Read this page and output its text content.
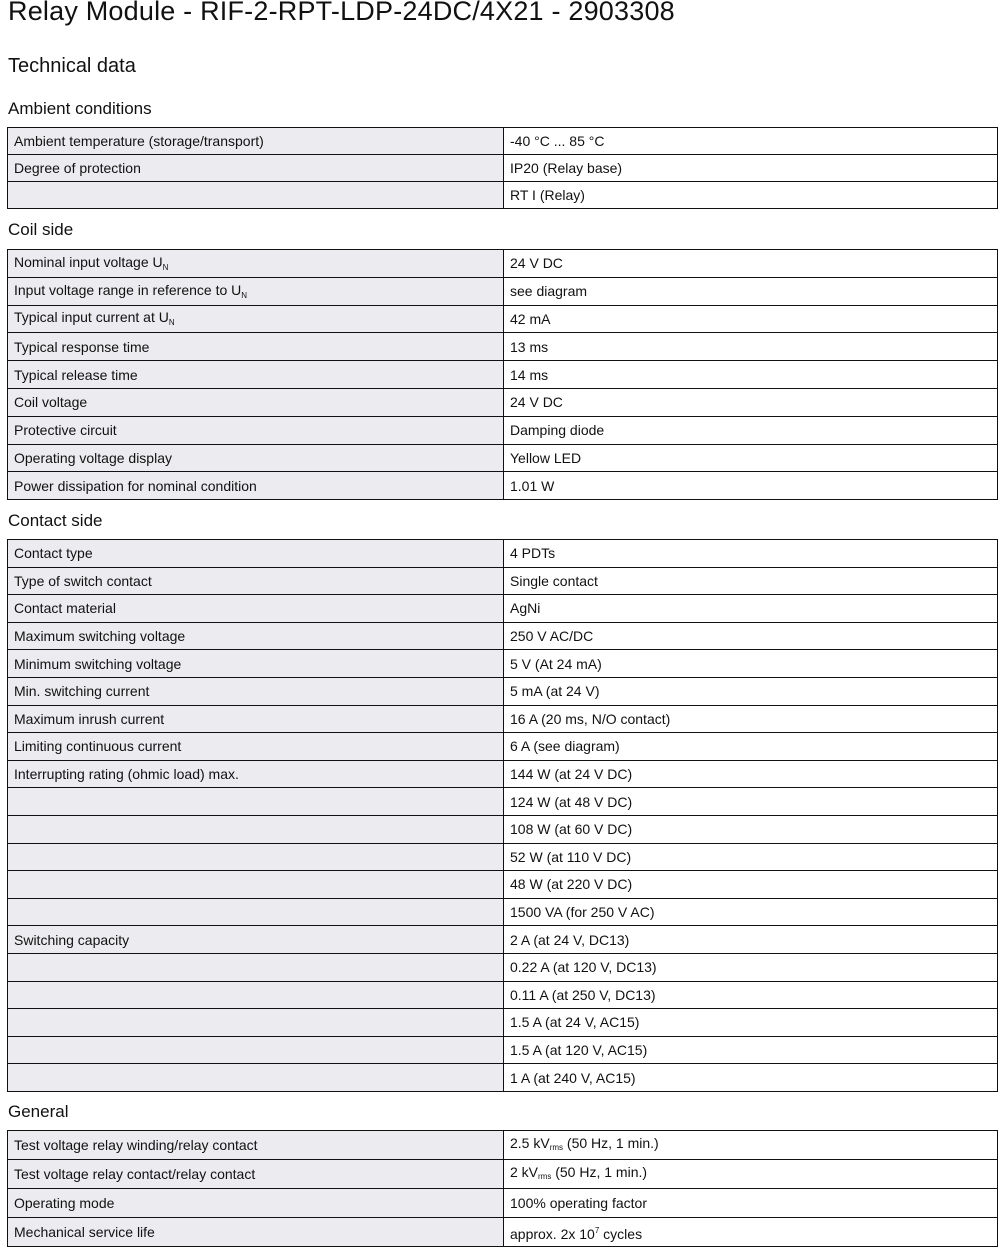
Relay Module - RIF-2-RPT-LDP-24DC/4X21 - 2903308
Technical data
Ambient conditions
Ambient temperature (storage/transport)	-40 °C ... 85 °C
Degree of protection	IP20 (Relay base)
	RT I (Relay)
Coil side
Nominal input voltage $U_N$	24 V DC
Input voltage range in reference to $U_N$	see diagram
Typical input current at $U_N$	42 mA
Typical response time	13 ms
Typical release time	14 ms
Coil voltage	24 V DC
Protective circuit	Damping diode
Operating voltage display	Yellow LED
Power dissipation for nominal condition	1.01 W
Contact side
Contact type	4 PDTs
Type of switch contact	Single contact
Contact material	AgNi
Maximum switching voltage	250 V AC/DC
Minimum switching voltage	5 V (At 24 mA)
Min. switching current	5 mA (at 24 V)
Maximum inrush current	16 A (20 ms, N/O contact)
Limiting continuous current	6 A (see diagram)
Interrupting rating (ohmic load) max.	144 W (at 24 V DC)
	124 W (at 48 V DC)
	108 W (at 60 V DC)
	52 W (at 110 V DC)
	48 W (at 220 V DC)
	1500 VA (for 250 V AC)
Switching capacity	2 A (at 24 V, DC13)
	0.22 A (at 120 V, DC13)
	0.11 A (at 250 V, DC13)
	1.5 A (at 24 V, AC15)
	1.5 A (at 120 V, AC15)
	1 A (at 240 V, AC15)
General
Test voltage relay winding/relay contact	2.5 $kV_{rms}$ (50 Hz, 1 min.)
Test voltage relay contact/relay contact	2 $kV_{rms}$ (50 Hz, 1 min.)
Operating mode	100% operating factor
Mechanical service life	approx. 2x $10^7$ cycles
